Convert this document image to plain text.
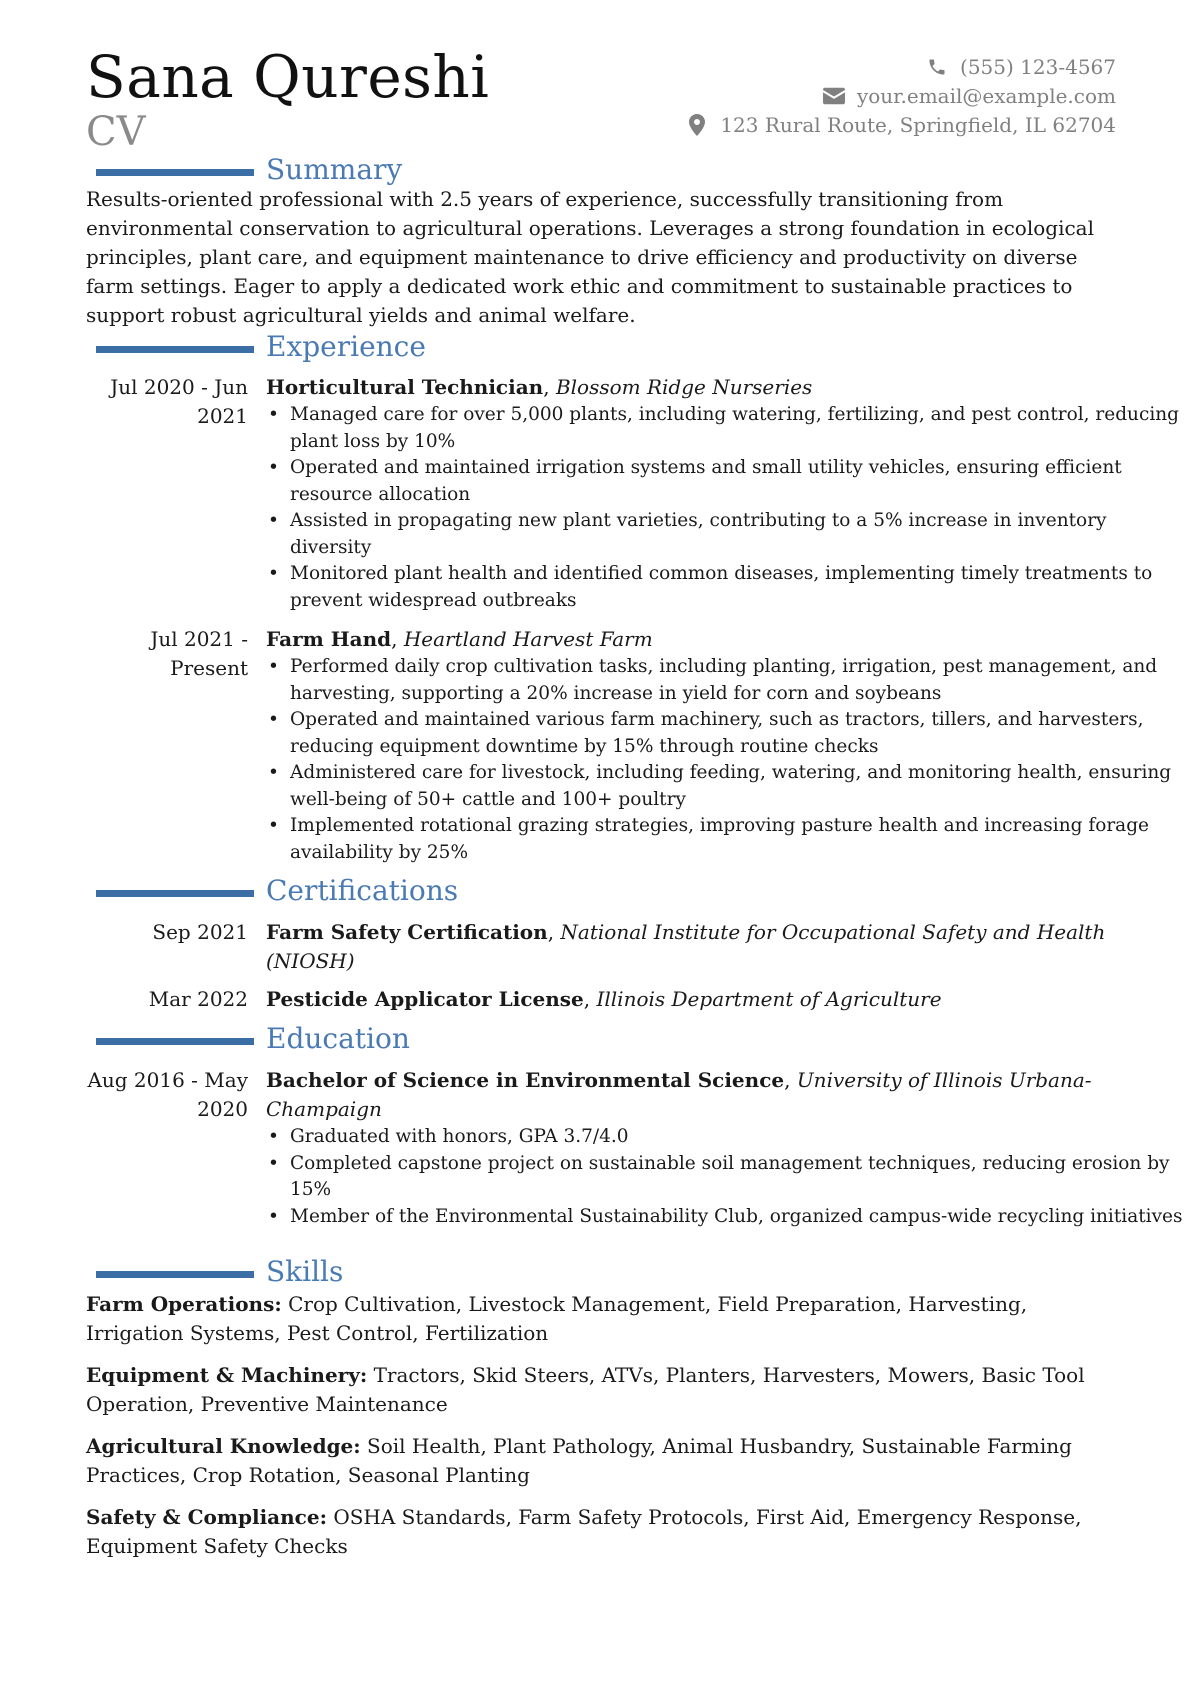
Sana Qureshi
CV
(555) 123-4567
your.email@example.com
123 Rural Route, Springfield, IL 62704
Summary
Results-oriented professional with 2.5 years of experience, successfully transitioning from environmental conservation to agricultural operations. Leverages a strong foundation in ecological principles, plant care, and equipment maintenance to drive efficiency and productivity on diverse farm settings. Eager to apply a dedicated work ethic and commitment to sustainable practices to support robust agricultural yields and animal welfare.
Experience
Jul 2020 - Jun 2021
Horticultural Technician, Blossom Ridge Nurseries
• Managed care for over 5,000 plants, including watering, fertilizing, and pest control, reducing plant loss by 10%
• Operated and maintained irrigation systems and small utility vehicles, ensuring efficient resource allocation
• Assisted in propagating new plant varieties, contributing to a 5% increase in inventory diversity
• Monitored plant health and identified common diseases, implementing timely treatments to prevent widespread outbreaks
Jul 2021 - Present
Farm Hand, Heartland Harvest Farm
• Performed daily crop cultivation tasks, including planting, irrigation, pest management, and harvesting, supporting a 20% increase in yield for corn and soybeans
• Operated and maintained various farm machinery, such as tractors, tillers, and harvesters, reducing equipment downtime by 15% through routine checks
• Administered care for livestock, including feeding, watering, and monitoring health, ensuring well-being of 50+ cattle and 100+ poultry
• Implemented rotational grazing strategies, improving pasture health and increasing forage availability by 25%
Certifications
Sep 2021 Farm Safety Certification, National Institute for Occupational Safety and Health (NIOSH)
Mar 2022 Pesticide Applicator License, Illinois Department of Agriculture
Education
Aug 2016 - May 2020
Bachelor of Science in Environmental Science, University of Illinois Urbana-Champaign
• Graduated with honors, GPA 3.7/4.0
• Completed capstone project on sustainable soil management techniques, reducing erosion by 15%
• Member of the Environmental Sustainability Club, organized campus-wide recycling initiatives
Skills
Farm Operations: Crop Cultivation, Livestock Management, Field Preparation, Harvesting, Irrigation Systems, Pest Control, Fertilization
Equipment & Machinery: Tractors, Skid Steers, ATVs, Planters, Harvesters, Mowers, Basic Tool Operation, Preventive Maintenance
Agricultural Knowledge: Soil Health, Plant Pathology, Animal Husbandry, Sustainable Farming Practices, Crop Rotation, Seasonal Planting
Safety & Compliance: OSHA Standards, Farm Safety Protocols, First Aid, Emergency Response, Equipment Safety Checks
